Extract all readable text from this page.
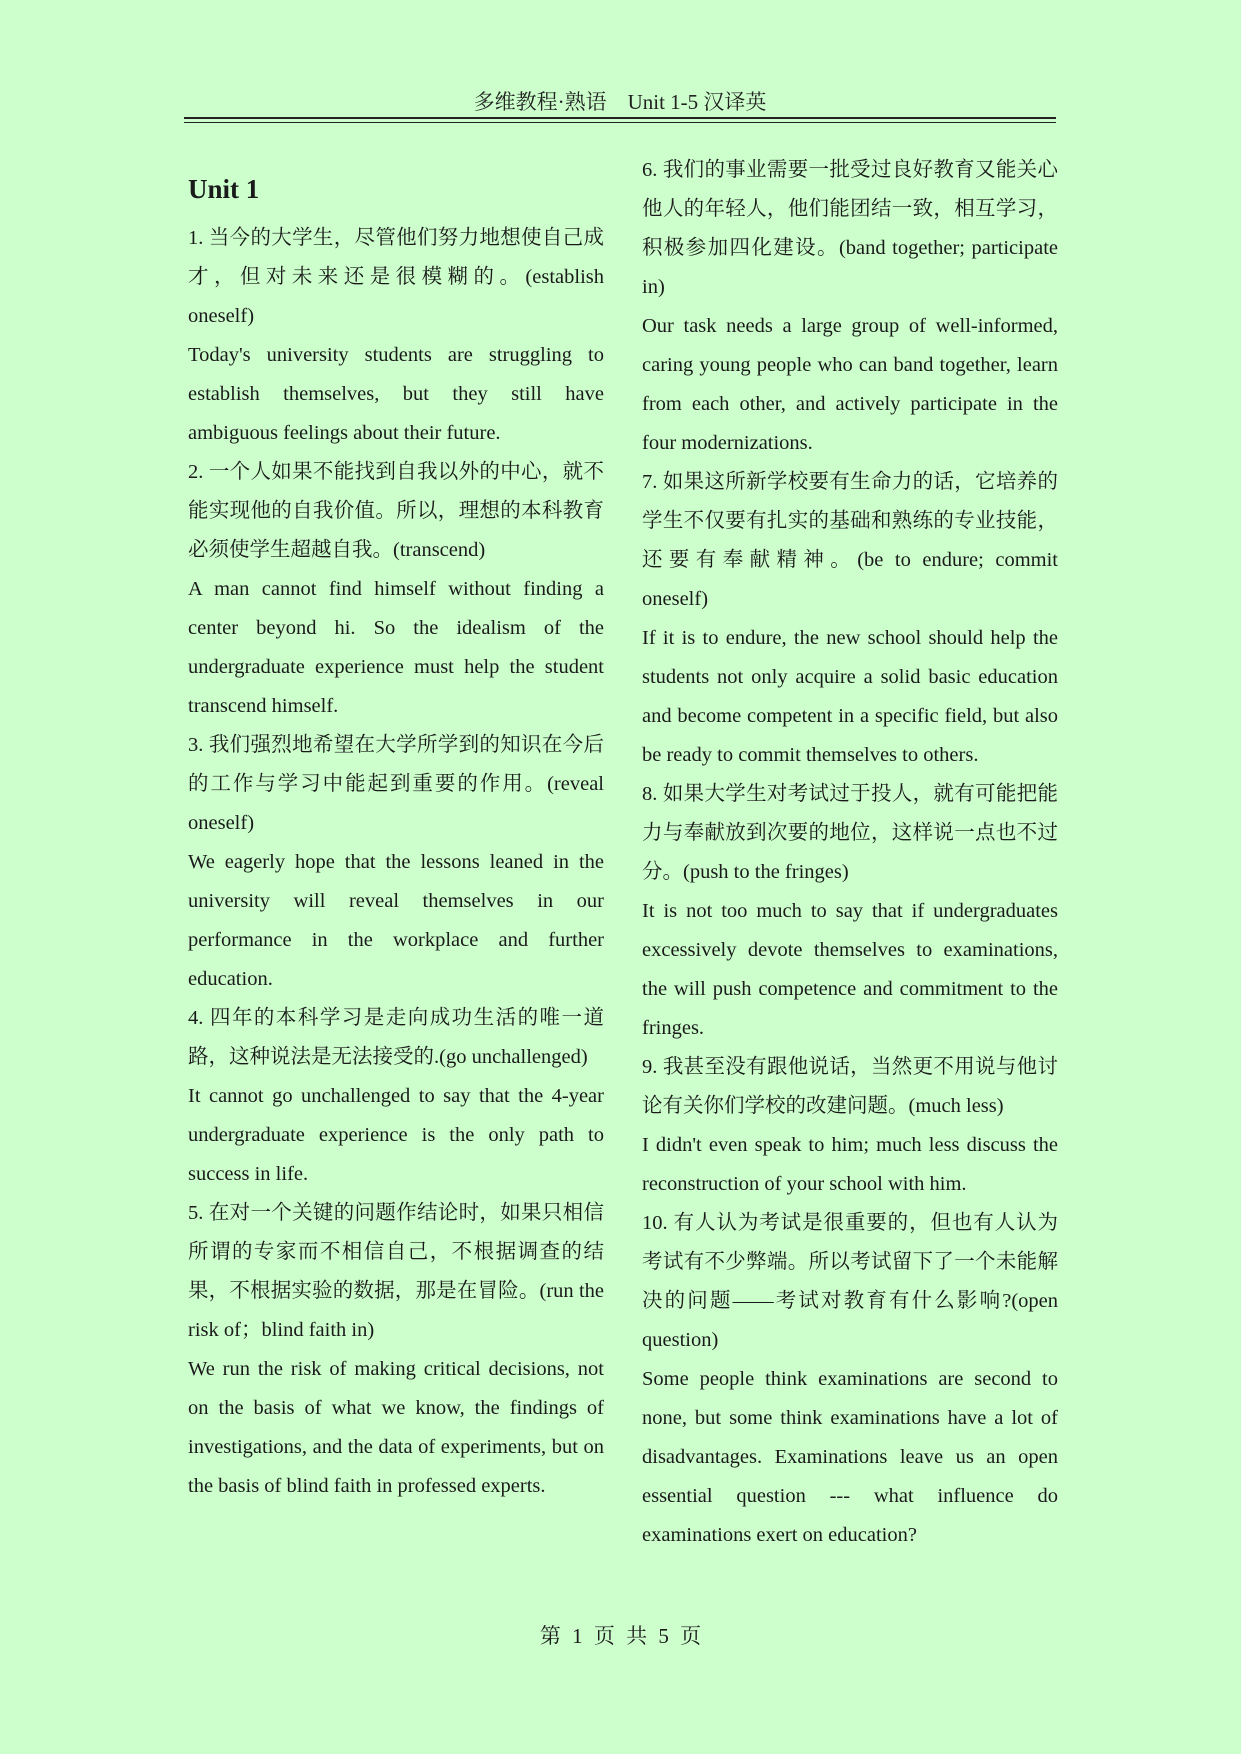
多维教程·熟语　Unit 1-5 汉译英
Unit 1

1. 当今的大学生，尽管他们努力地想使自己成才，但对未来还是很模糊的。(establish oneself)

Today's university students are struggling to establish themselves, but they still have ambiguous feelings about their future.

2. 一个人如果不能找到自我以外的中心，就不能实现他的自我价值。所以，理想的本科教育必须使学生超越自我。(transcend)

A man cannot find himself without finding a center beyond hi. So the idealism of the undergraduate experience must help the student transcend himself.

3. 我们强烈地希望在大学所学到的知识在今后的工作与学习中能起到重要的作用。(reveal oneself)

We eagerly hope that the lessons leaned in the university will reveal themselves in our performance in the workplace and further education.

4. 四年的本科学习是走向成功生活的唯一道路，这种说法是无法接受的.(go unchallenged)

It cannot go unchallenged to say that the 4-year undergraduate experience is the only path to success in life.

5. 在对一个关键的问题作结论时，如果只相信所谓的专家而不相信自己，不根据调查的结果，不根据实验的数据，那是在冒险。(run the risk of；blind faith in)

We run the risk of making critical decisions, not on the basis of what we know, the findings of investigations, and the data of experiments, but on the basis of blind faith in professed experts.

6. 我们的事业需要一批受过良好教育又能关心他人的年轻人，他们能团结一致，相互学习，积极参加四化建设。(band together; participate in)

Our task needs a large group of well-informed, caring young people who can band together, learn from each other, and actively participate in the four modernizations.

7. 如果这所新学校要有生命力的话，它培养的学生不仅要有扎实的基础和熟练的专业技能，还要有奉献精神。(be to endure; commit oneself)

If it is to endure, the new school should help the students not only acquire a solid basic education and become competent in a specific field, but also be ready to commit themselves to others.

8. 如果大学生对考试过于投人，就有可能把能力与奉献放到次要的地位，这样说一点也不过分。(push to the fringes)

It is not too much to say that if undergraduates excessively devote themselves to examinations, the will push competence and commitment to the fringes.

9. 我甚至没有跟他说话，当然更不用说与他讨论有关你们学校的改建问题。(much less)

I didn't even speak to him; much less discuss the reconstruction of your school with him.

10. 有人认为考试是很重要的，但也有人认为考试有不少弊端。所以考试留下了一个未能解决的问题——考试对教育有什么影响?(open question)

Some people think examinations are second to none, but some think examinations have a lot of disadvantages. Examinations leave us an open essential question --- what influence do examinations exert on education?

第 1 页 共 5 页
